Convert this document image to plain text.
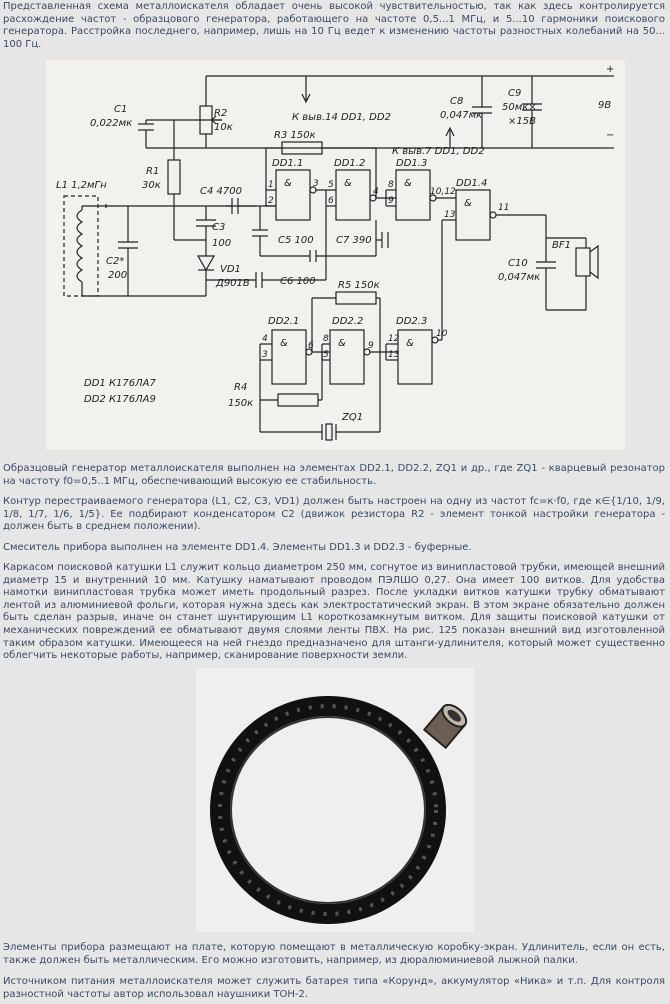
Представленная схема металлоискателя обладает очень высокой чувствительностью, так как здесь контролируется расхождение частот - образцового генератора, работающего на частоте 0,5...1 МГц, и 5...10 гармоники поискового генератора. Расстройка последнего, например, лишь на 10 Гц ведет к изменению частоты разностных колебаний на 50... 100 Гц.

C1
0,022мк
R2
10к
R1
30к
L1 1,2мГн
C2*
200
C3
100
C4 4700
VD1
Д901В
R3 150к
C5 100 C7 390
C6 100
К выв.14 DD1, DD2
К выв.7 DD1, DD2
C8
0,047мк
C9
50мк×
×15В
9В
+
−
DD1.1	DD1.2	DD1.3
DD1.4
DD2.1	DD2.2	DD2.3
&	&	&
&
&	&	&
R5 150к
R4
150к
ZQ1
C10
0,047мк
BF1
DD1 К176ЛА7
DD2 К176ЛА9
1
2
3 5
6
4
8
9
10,12
13
11
4
3
6
8
5
9
12
13
10

Образцовый генератор металлоискателя выполнен на элементах DD2.1, DD2.2, ZQ1 и др., где ZQ1 - кварцевый резонатор на частоту f0=0,5..1 МГц, обеспечивающий высокую ее стабильность.

Контур перестраиваемого генератора (L1, C2, C3, VD1) должен быть настроен на одну из частот fc=к·f0, где к∈{1/10, 1/9, 1/8, 1/7, 1/6, 1/5}. Ее подбирают конденсатором C2 (движок резистора R2 - элемент тонкой настройки генератора - должен быть в среднем положении).

Смеситель прибора выполнен на элементе DD1.4. Элементы DD1.3 и DD2.3 - буферные.

Каркасом поисковой катушки L1 служит кольцо диаметром 250 мм, согнутое из винипластовой трубки, имеющей внешний диаметр 15 и внутренний 10 мм. Катушку наматывают проводом ПЭЛШО 0,27. Она имеет 100 витков. Для удобства намотки винипластовая трубка может иметь продольный разрез. После укладки витков катушки трубку обматывают лентой из алюминиевой фольги, которая нужна здесь как электростатический экран. В этом экране обязательно должен быть сделан разрыв, иначе он станет шунтирующим L1 короткозамкнутым витком. Для защиты поисковой катушки от механических повреждений ее обматывают двумя слоями ленты ПВХ. На рис. 125 показан внешний вид изготовленной таким образом катушки. Имеющееся на ней гнездо предназначено для штанги-удлинителя, который может существенно облегчить некоторые работы, например, сканирование поверхности земли.

Элементы прибора размещают на плате, которую помещают в металлическую коробку-экран. Удлинитель, если он есть, также должен быть металлическим. Его можно изготовить, например, из дюралюминиевой лыжной палки.

Источником питания металлоискателя может служить батарея типа «Корунд», аккумулятор «Ника» и т.п. Для контроля разностной частоты автор использовал наушники ТОН-2.
